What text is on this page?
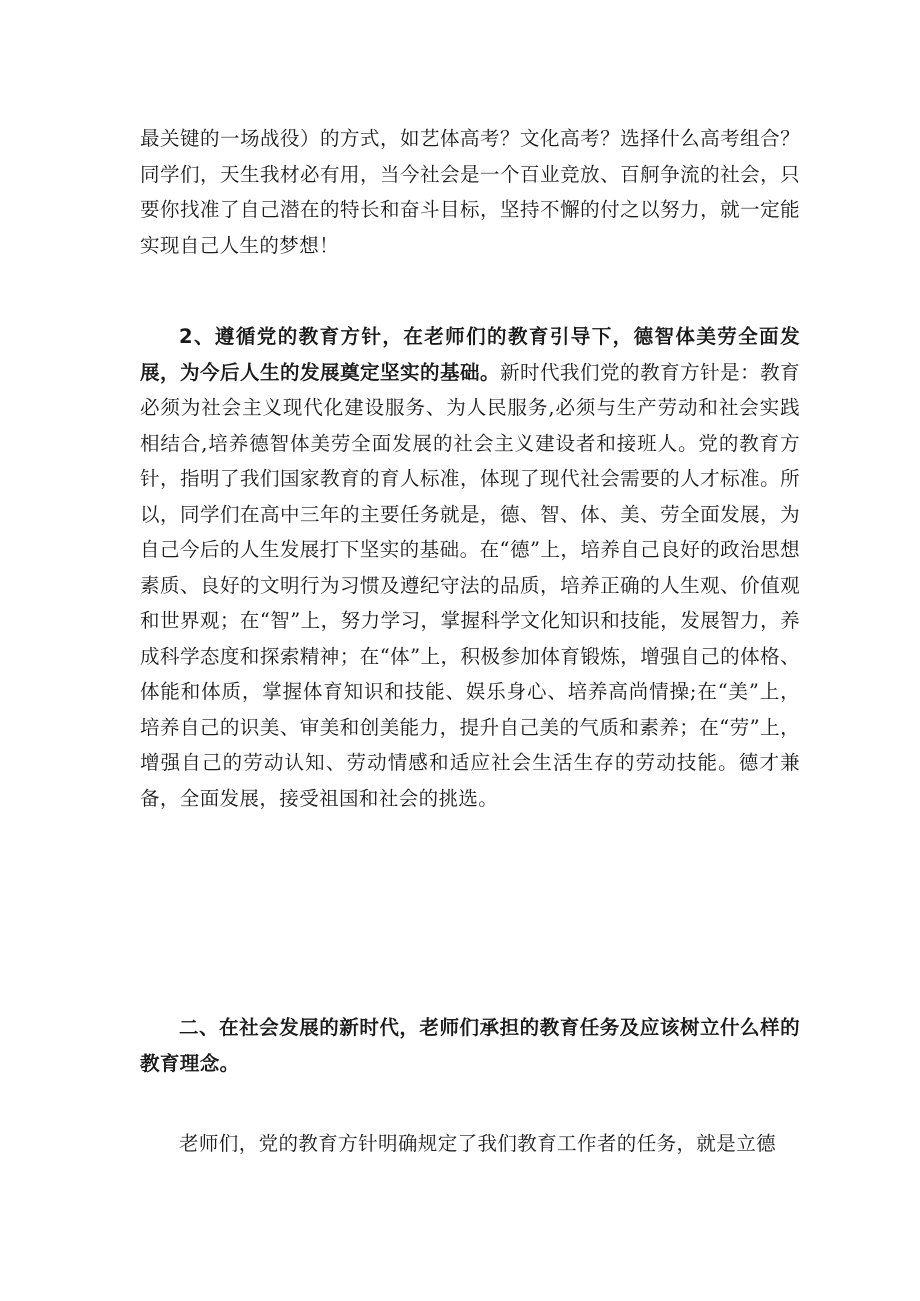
最关键的一场战役）的方式，如艺体高考？文化高考？选择什么高考组合？同学们，天生我材必有用，当今社会是一个百业竞放、百舸争流的社会，只要你找准了自己潜在的特长和奋斗目标，坚持不懈的付之以努力，就一定能实现自己人生的梦想！

2、遵循党的教育方针，在老师们的教育引导下，德智体美劳全面发展，为今后人生的发展奠定坚实的基础。新时代我们党的教育方针是：教育必须为社会主义现代化建设服务、为人民服务,必须与生产劳动和社会实践相结合,培养德智体美劳全面发展的社会主义建设者和接班人。党的教育方针，指明了我们国家教育的育人标准，体现了现代社会需要的人才标准。所以，同学们在高中三年的主要任务就是，德、智、体、美、劳全面发展，为自己今后的人生发展打下坚实的基础。在“德”上，培养自己良好的政治思想素质、良好的文明行为习惯及遵纪守法的品质，培养正确的人生观、价值观和世界观；在“智”上，努力学习，掌握科学文化知识和技能，发展智力，养成科学态度和探索精神；在“体”上，积极参加体育锻炼，增强自己的体格、体能和体质，掌握体育知识和技能、娱乐身心、培养高尚情操;在“美”上，培养自己的识美、审美和创美能力，提升自己美的气质和素养；在“劳”上，增强自己的劳动认知、劳动情感和适应社会生活生存的劳动技能。德才兼备，全面发展，接受祖国和社会的挑选。

二、在社会发展的新时代，老师们承担的教育任务及应该树立什么样的教育理念。

老师们，党的教育方针明确规定了我们教育工作者的任务，就是立德
